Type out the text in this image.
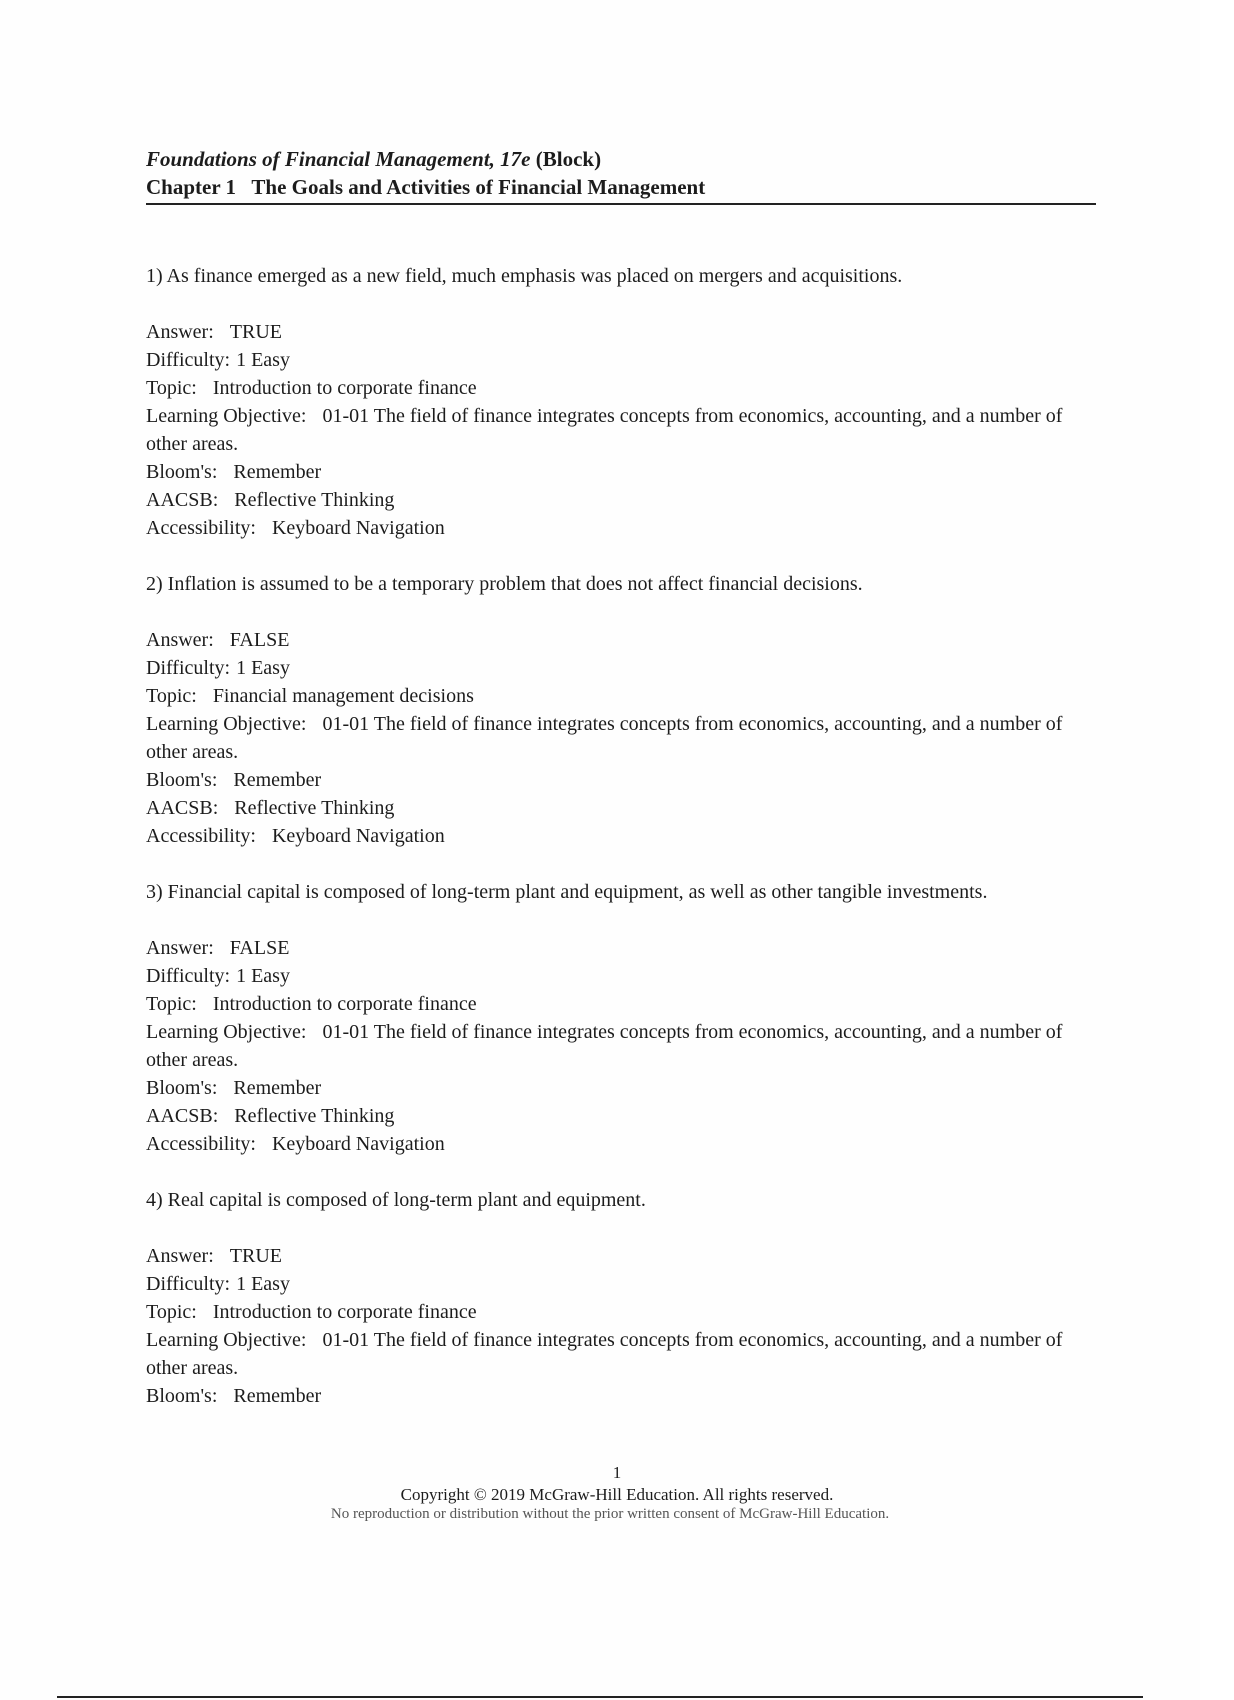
Foundations of Financial Management, 17e (Block)
Chapter 1   The Goals and Activities of Financial Management
1) As finance emerged as a new field, much emphasis was placed on mergers and acquisitions.
Answer: TRUE
Difficulty: 1 Easy
Topic: Introduction to corporate finance
Learning Objective: 01-01 The field of finance integrates concepts from economics, accounting, and a number of other areas.
Bloom's: Remember
AACSB: Reflective Thinking
Accessibility: Keyboard Navigation
2) Inflation is assumed to be a temporary problem that does not affect financial decisions.
Answer: FALSE
Difficulty: 1 Easy
Topic: Financial management decisions
Learning Objective: 01-01 The field of finance integrates concepts from economics, accounting, and a number of other areas.
Bloom's: Remember
AACSB: Reflective Thinking
Accessibility: Keyboard Navigation
3) Financial capital is composed of long-term plant and equipment, as well as other tangible investments.
Answer: FALSE
Difficulty: 1 Easy
Topic: Introduction to corporate finance
Learning Objective: 01-01 The field of finance integrates concepts from economics, accounting, and a number of other areas.
Bloom's: Remember
AACSB: Reflective Thinking
Accessibility: Keyboard Navigation
4) Real capital is composed of long-term plant and equipment.
Answer: TRUE
Difficulty: 1 Easy
Topic: Introduction to corporate finance
Learning Objective: 01-01 The field of finance integrates concepts from economics, accounting, and a number of other areas.
Bloom's: Remember
1
Copyright © 2019 McGraw-Hill Education. All rights reserved.
No reproduction or distribution without the prior written consent of McGraw-Hill Education.
